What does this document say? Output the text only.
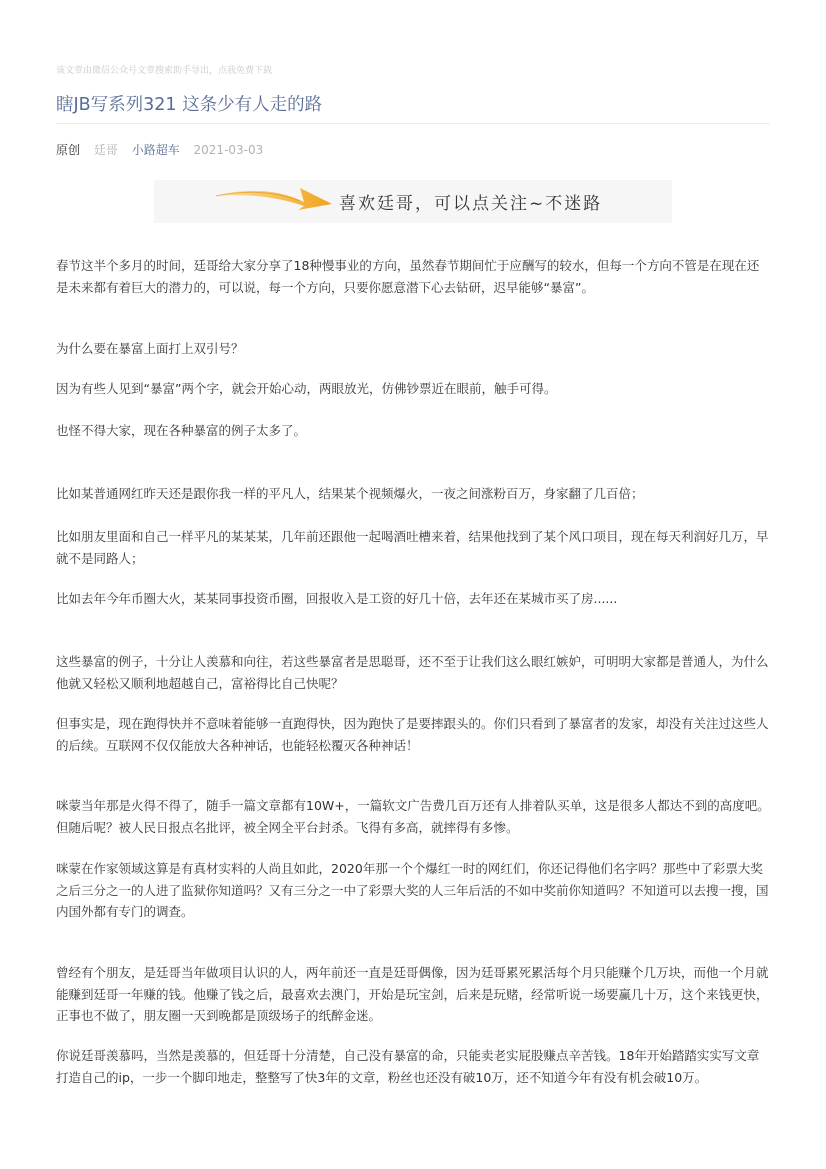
该文章由微信公众号文章搜索助手导出，点我免费下载
瞎JB写系列321 这条少有人走的路
原创 廷哥 小路超车 2021-03-03
喜欢廷哥，可以点关注~不迷路

春节这半个多月的时间，廷哥给大家分享了18种慢事业的方向，虽然春节期间忙于应酬写的较水，但每一个方向不管是在现在还是未来都有着巨大的潜力的，可以说，每一个方向，只要你愿意潜下心去钻研，迟早能够“暴富”。

为什么要在暴富上面打上双引号？

因为有些人见到“暴富”两个字，就会开始心动，两眼放光，仿佛钞票近在眼前，触手可得。

也怪不得大家，现在各种暴富的例子太多了。

比如某普通网红昨天还是跟你我一样的平凡人，结果某个视频爆火，一夜之间涨粉百万，身家翻了几百倍；

比如朋友里面和自己一样平凡的某某某，几年前还跟他一起喝酒吐槽来着，结果他找到了某个风口项目，现在每天利润好几万，早就不是同路人；

比如去年今年币圈大火，某某同事投资币圈，回报收入是工资的好几十倍，去年还在某城市买了房......

这些暴富的例子，十分让人羡慕和向往，若这些暴富者是思聪哥，还不至于让我们这么眼红嫉妒，可明明大家都是普通人，为什么他就又轻松又顺利地超越自己，富裕得比自己快呢？

但事实是，现在跑得快并不意味着能够一直跑得快，因为跑快了是要摔跟头的。你们只看到了暴富者的发家，却没有关注过这些人的后续。互联网不仅仅能放大各种神话，也能轻松覆灭各种神话！

咪蒙当年那是火得不得了，随手一篇文章都有10W+，一篇软文广告费几百万还有人排着队买单，这是很多人都达不到的高度吧。但随后呢？被人民日报点名批评，被全网全平台封杀。飞得有多高，就摔得有多惨。

咪蒙在作家领域这算是有真材实料的人尚且如此，2020年那一个个爆红一时的网红们，你还记得他们名字吗？那些中了彩票大奖之后三分之一的人进了监狱你知道吗？又有三分之一中了彩票大奖的人三年后活的不如中奖前你知道吗？不知道可以去搜一搜，国内国外都有专门的调查。

曾经有个朋友，是廷哥当年做项目认识的人，两年前还一直是廷哥偶像，因为廷哥累死累活每个月只能赚个几万块，而他一个月就能赚到廷哥一年赚的钱。他赚了钱之后，最喜欢去澳门，开始是玩宝剑，后来是玩赌，经常听说一场要赢几十万，这个来钱更快，正事也不做了，朋友圈一天到晚都是顶级场子的纸醉金迷。

你说廷哥羡慕吗，当然是羡慕的，但廷哥十分清楚，自己没有暴富的命，只能卖老实屁股赚点辛苦钱。18年开始踏踏实实写文章打造自己的ip，一步一个脚印地走，整整写了快3年的文章，粉丝也还没有破10万，还不知道今年有没有机会破10万。
